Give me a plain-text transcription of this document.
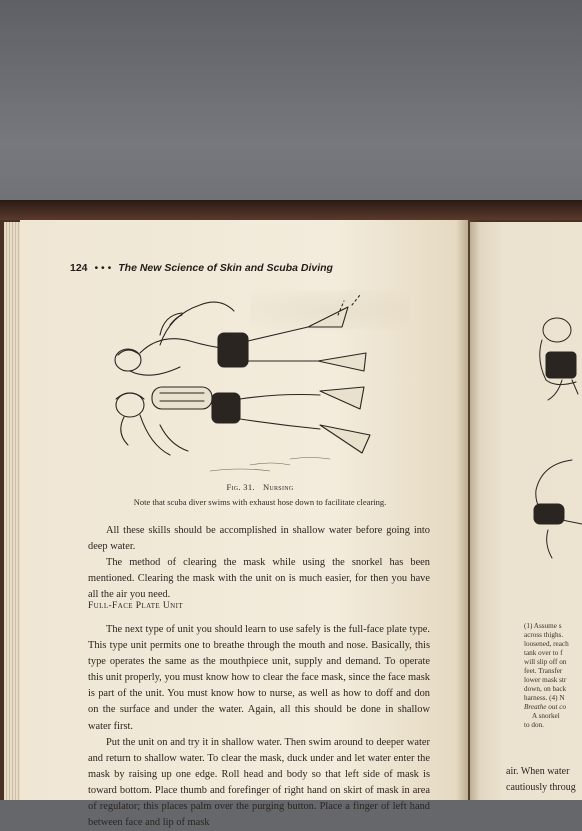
124 • • • The New Science of Skin and Scuba Diving
Fig. 31. Nursing
Note that scuba diver swims with exhaust hose down to facilitate clearing.

All these skills should be accomplished in shallow water before going into deep water.

The method of clearing the mask while using the snorkel has been mentioned. Clearing the mask with the unit on is much easier, for then you have all the air you need.

Full-Face Plate Unit

The next type of unit you should learn to use safely is the full-face plate type. This type unit permits one to breathe through the mouth and nose. Basically, this type operates the same as the mouthpiece unit, supply and demand. To operate this unit properly, you must know how to clear the face mask, since the face mask is part of the unit. You must know how to nurse, as well as how to doff and don on the surface and under the water. Again, all this should be done in shallow water first.

Put the unit on and try it in shallow water. Then swim around to deeper water and return to shallow water. To clear the mask, duck under and let water enter the mask by raising up one edge. Roll head and body so that left side of mask is toward bottom. Place thumb and forefinger of right hand on skirt of mask in area of regulator; this places palm over the purging button. Place a finger of left hand between face and lip of mask

(1) Assume s
across thighs.
loosened, reach
tank over to f
will slip off on
feet. Transfer
lower mask str
down, on back
harness. (4) N
Breathe out co
A snorkel
to don.
air. When water
cautiously throug
